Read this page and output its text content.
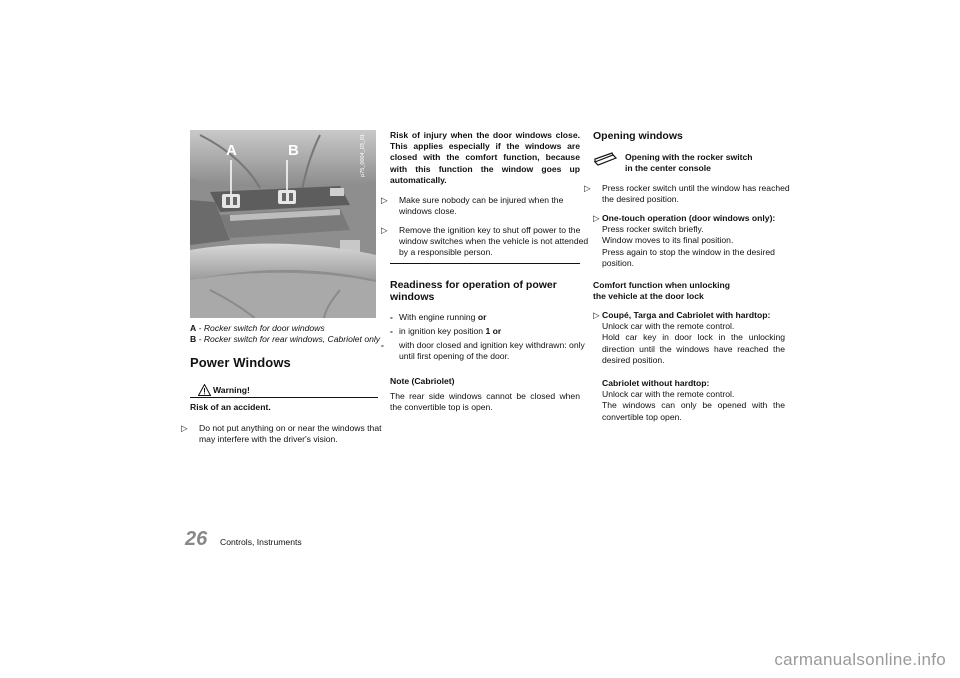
A	B	p75_0004_03_01
A - Rocker switch for door windows
B - Rocker switch for rear windows, Cabriolet only
Power Windows
Warning!
Risk of an accident.
▷ Do not put anything on or near the windows that may interfere with the driver's vision.
Risk of injury when the door windows close. This applies especially if the windows are closed with the comfort function, because with this function the window goes up automatically.
▷ Make sure nobody can be injured when the windows close.
▷ Remove the ignition key to shut off power to the window switches when the vehicle is not attended by a responsible person.
Readiness for operation of power windows
- With engine running or
- in ignition key position 1 or
- with door closed and ignition key withdrawn: only until first opening of the door.
Note (Cabriolet)
The rear side windows cannot be closed when the convertible top is open.
Opening windows
Opening with the rocker switch
in the center console
▷ Press rocker switch until the window has reached the desired position.
▷ One-touch operation (door windows only):
Press rocker switch briefly.
Window moves to its final position.
Press again to stop the window in the desired position.
Comfort function when unlocking
the vehicle at the door lock
▷ Coupé, Targa and Cabriolet with hardtop:
Unlock car with the remote control.
Hold car key in door lock in the unlocking direction until the windows have reached the desired position.
Cabriolet without hardtop:
Unlock car with the remote control.
The windows can only be opened with the convertible top open.
26 Controls, Instruments
carmanualsonline.info
